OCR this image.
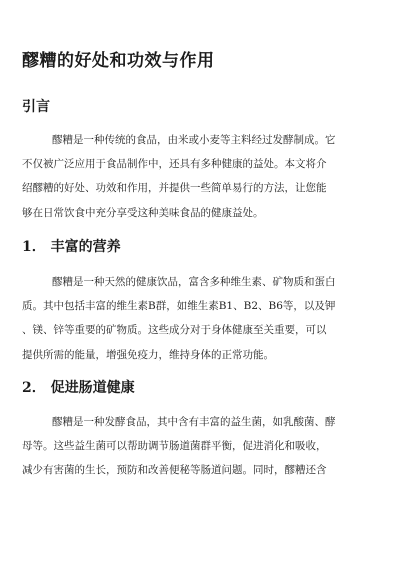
醪糟的好处和功效与作用
引言
醪糟是一种传统的食品，由米或小麦等主料经过发酵制成。它
不仅被广泛应用于食品制作中，还具有多种健康的益处。本文将介
绍醪糟的好处、功效和作用，并提供一些简单易行的方法，让您能
够在日常饮食中充分享受这种美味食品的健康益处。
1． 丰富的营养
醪糟是一种天然的健康饮品，富含多种维生素、矿物质和蛋白
质。其中包括丰富的维生素B群，如维生素B1、B2、B6等，以及钾
、镁、锌等重要的矿物质。这些成分对于身体健康至关重要，可以
提供所需的能量，增强免疫力，维持身体的正常功能。
2． 促进肠道健康
醪糟是一种发酵食品，其中含有丰富的益生菌，如乳酸菌、酵
母等。这些益生菌可以帮助调节肠道菌群平衡，促进消化和吸收，
减少有害菌的生长，预防和改善便秘等肠道问题。同时，醪糟还含
